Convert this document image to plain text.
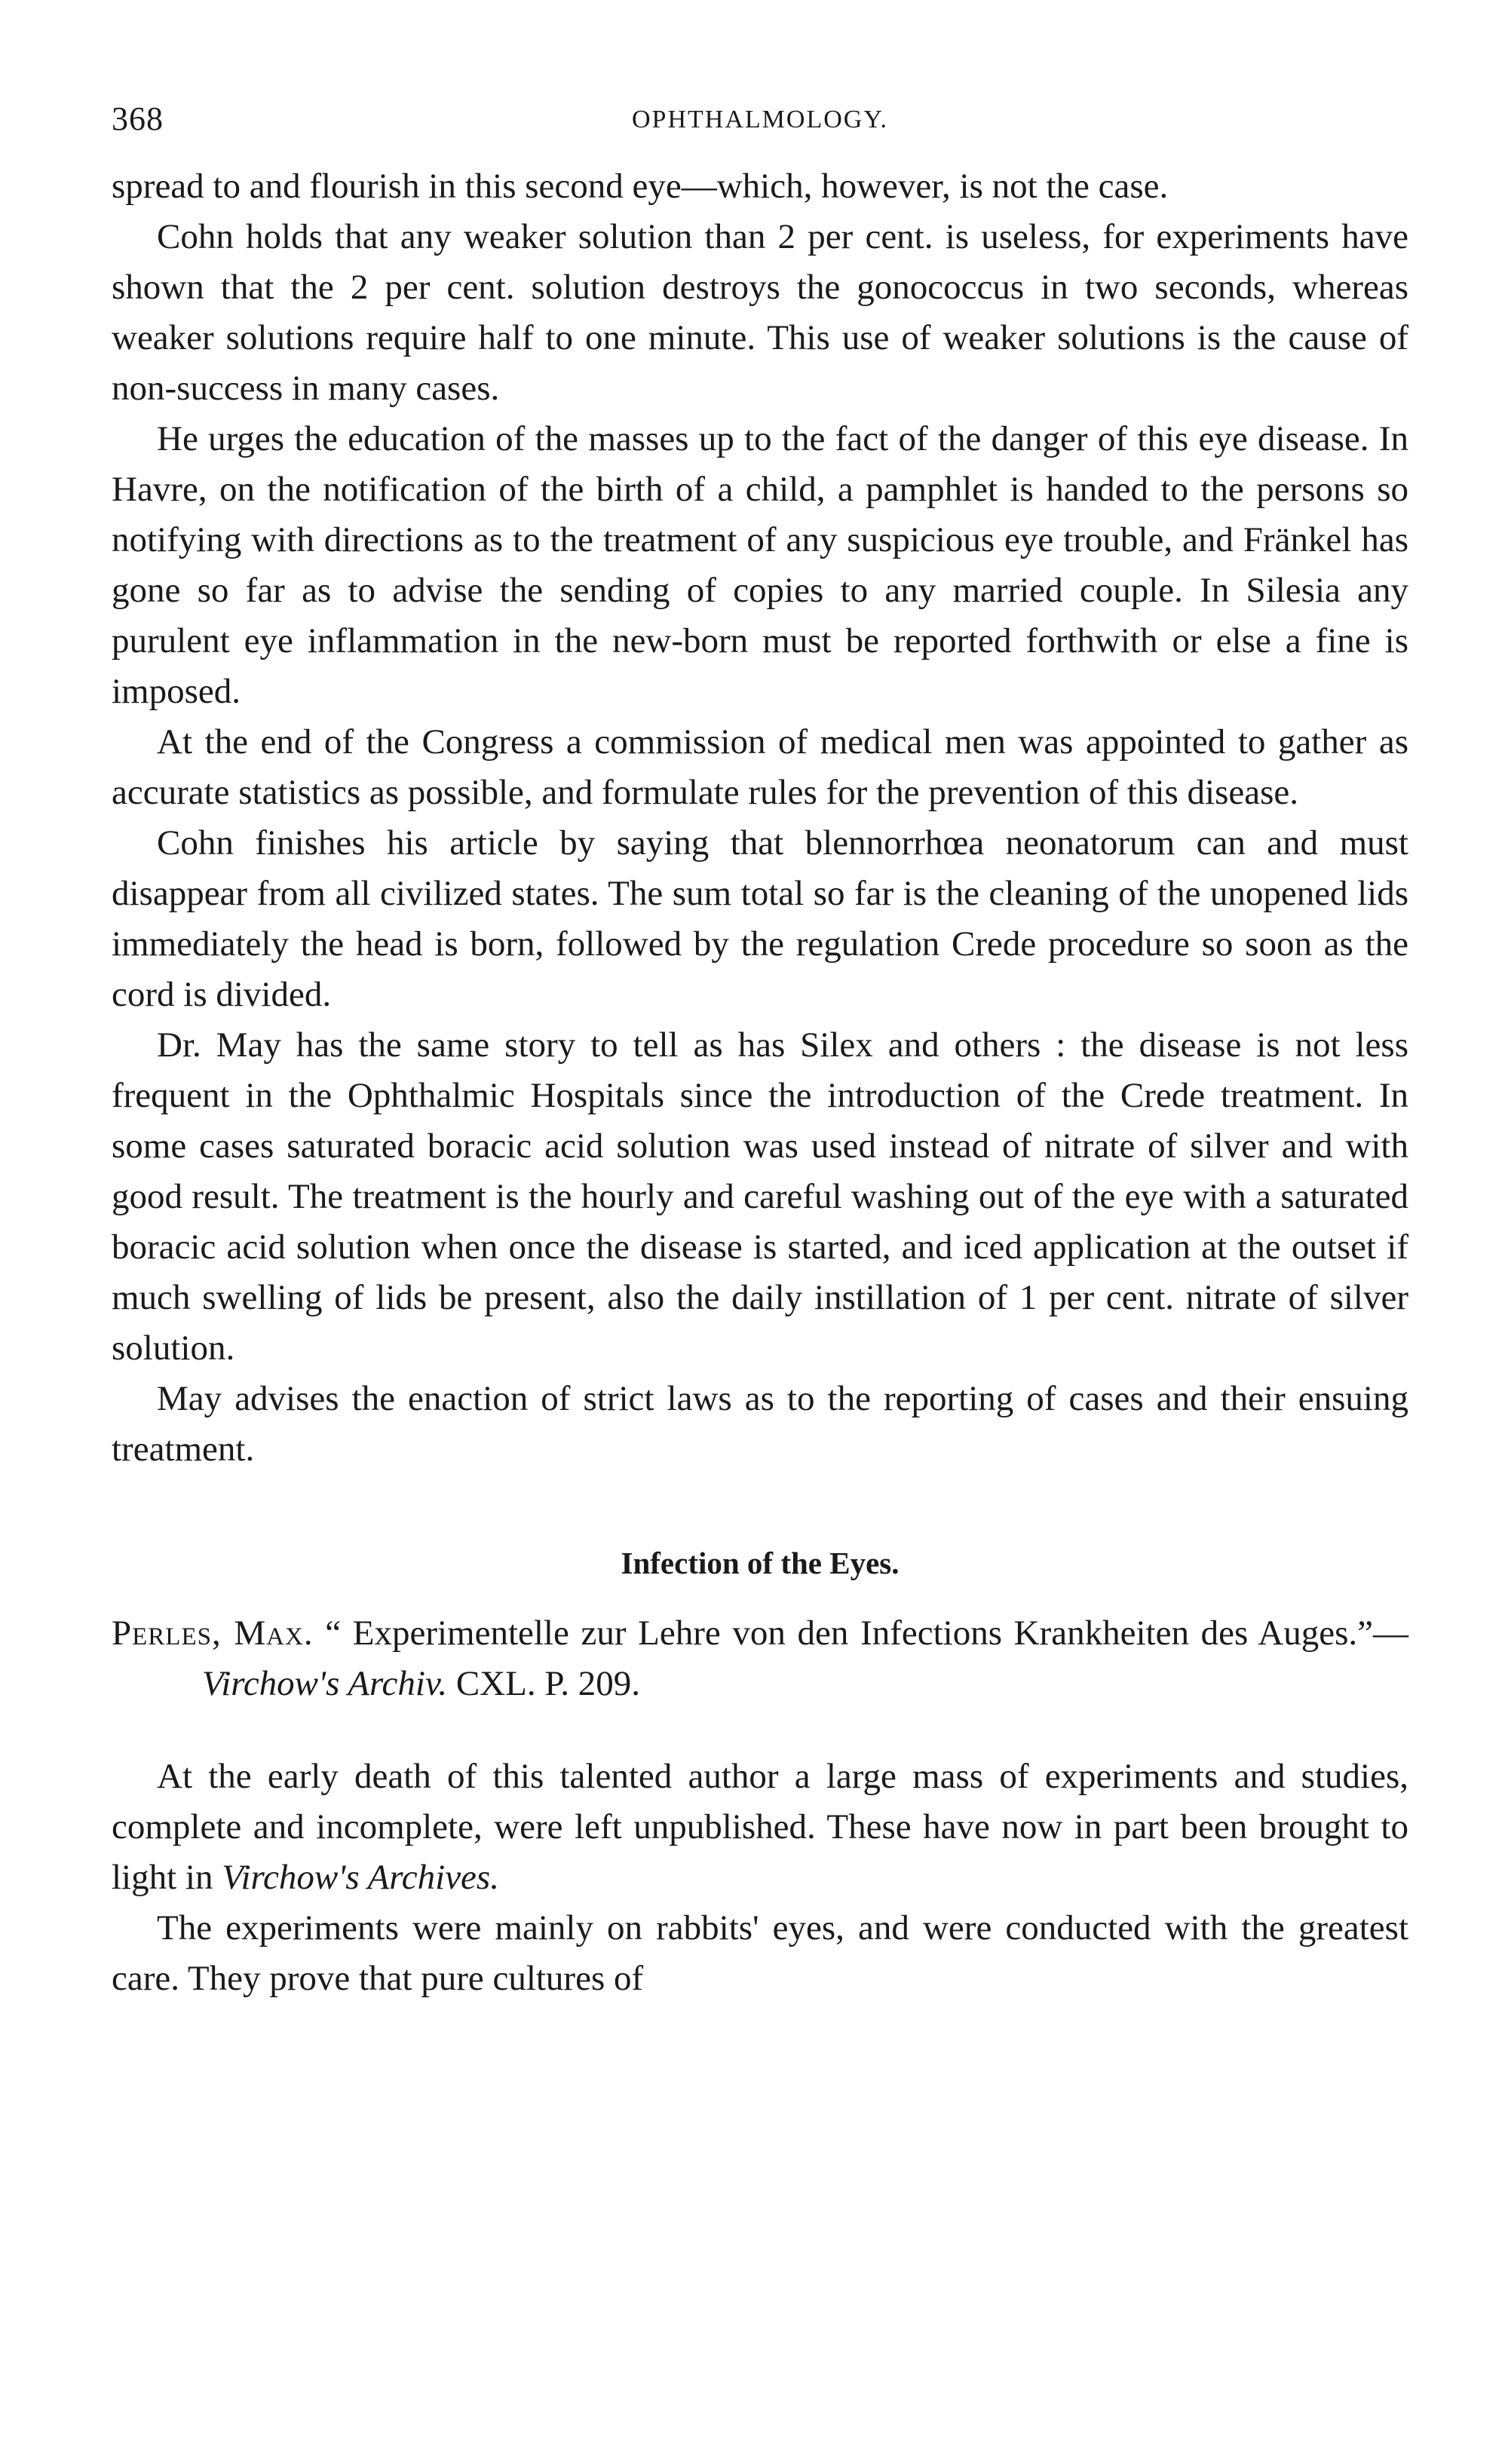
368	OPHTHALMOLOGY.

spread to and flourish in this second eye—which, however, is not the case.

Cohn holds that any weaker solution than 2 per cent. is useless, for experiments have shown that the 2 per cent. solution destroys the gonococcus in two seconds, whereas weaker solutions require half to one minute. This use of weaker solutions is the cause of non-success in many cases.

He urges the education of the masses up to the fact of the danger of this eye disease. In Havre, on the notification of the birth of a child, a pamphlet is handed to the persons so notifying with directions as to the treatment of any suspicious eye trouble, and Fränkel has gone so far as to advise the sending of copies to any married couple. In Silesia any purulent eye inflammation in the new-born must be reported forthwith or else a fine is imposed.

At the end of the Congress a commission of medical men was appointed to gather as accurate statistics as possible, and formulate rules for the prevention of this disease.

Cohn finishes his article by saying that blennorrhœa neonatorum can and must disappear from all civilized states. The sum total so far is the cleaning of the unopened lids immediately the head is born, followed by the regulation Crede procedure so soon as the cord is divided.

Dr. May has the same story to tell as has Silex and others : the disease is not less frequent in the Ophthalmic Hospitals since the introduction of the Crede treatment. In some cases saturated boracic acid solution was used instead of nitrate of silver and with good result. The treatment is the hourly and careful washing out of the eye with a saturated boracic acid solution when once the disease is started, and iced application at the outset if much swelling of lids be present, also the daily instillation of 1 per cent. nitrate of silver solution.

May advises the enaction of strict laws as to the reporting of cases and their ensuing treatment.

Infection of the Eyes.

Perles, Max. “ Experimentelle zur Lehre von den Infections Krankheiten des Auges.”—Virchow's Archiv. CXL. P. 209.

At the early death of this talented author a large mass of experiments and studies, complete and incomplete, were left unpublished. These have now in part been brought to light in Virchow's Archives.

The experiments were mainly on rabbits' eyes, and were conducted with the greatest care. They prove that pure cultures of
